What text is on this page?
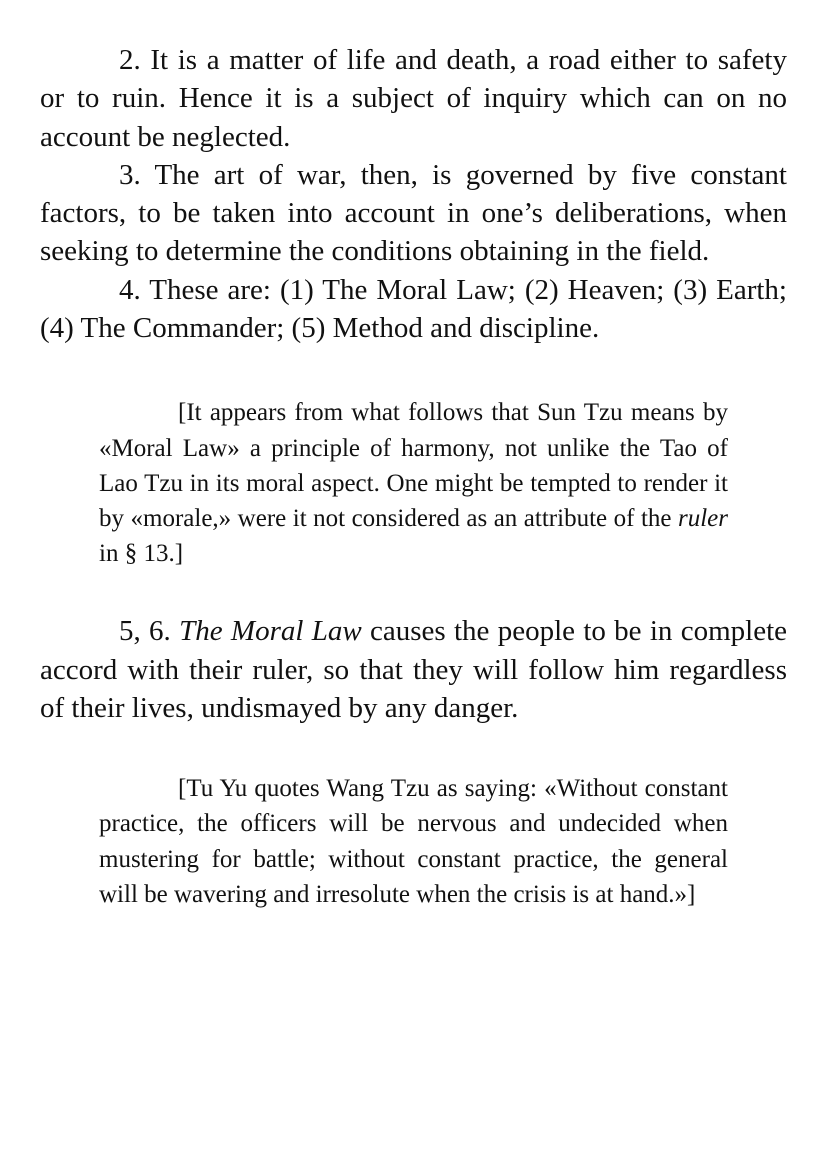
2. It is a matter of life and death, a road either to safety or to ruin. Hence it is a subject of inquiry which can on no account be neglected.

3. The art of war, then, is governed by five constant factors, to be taken into account in one’s deliberations, when seeking to determine the conditions obtaining in the field.

4. These are: (1) The Moral Law; (2) Heaven; (3) Earth; (4) The Commander; (5) Method and discipline.

[It appears from what follows that Sun Tzu means by «Moral Law» a principle of harmony, not unlike the Tao of Lao Tzu in its moral aspect. One might be tempted to render it by «morale,» were it not considered as an attribute of the ruler in § 13.]

5, 6. The Moral Law causes the people to be in complete accord with their ruler, so that they will follow him regardless of their lives, undismayed by any danger.

[Tu Yu quotes Wang Tzu as saying: «Without constant practice, the officers will be nervous and undecided when mustering for battle; without constant practice, the general will be wavering and irresolute when the crisis is at hand.»]
